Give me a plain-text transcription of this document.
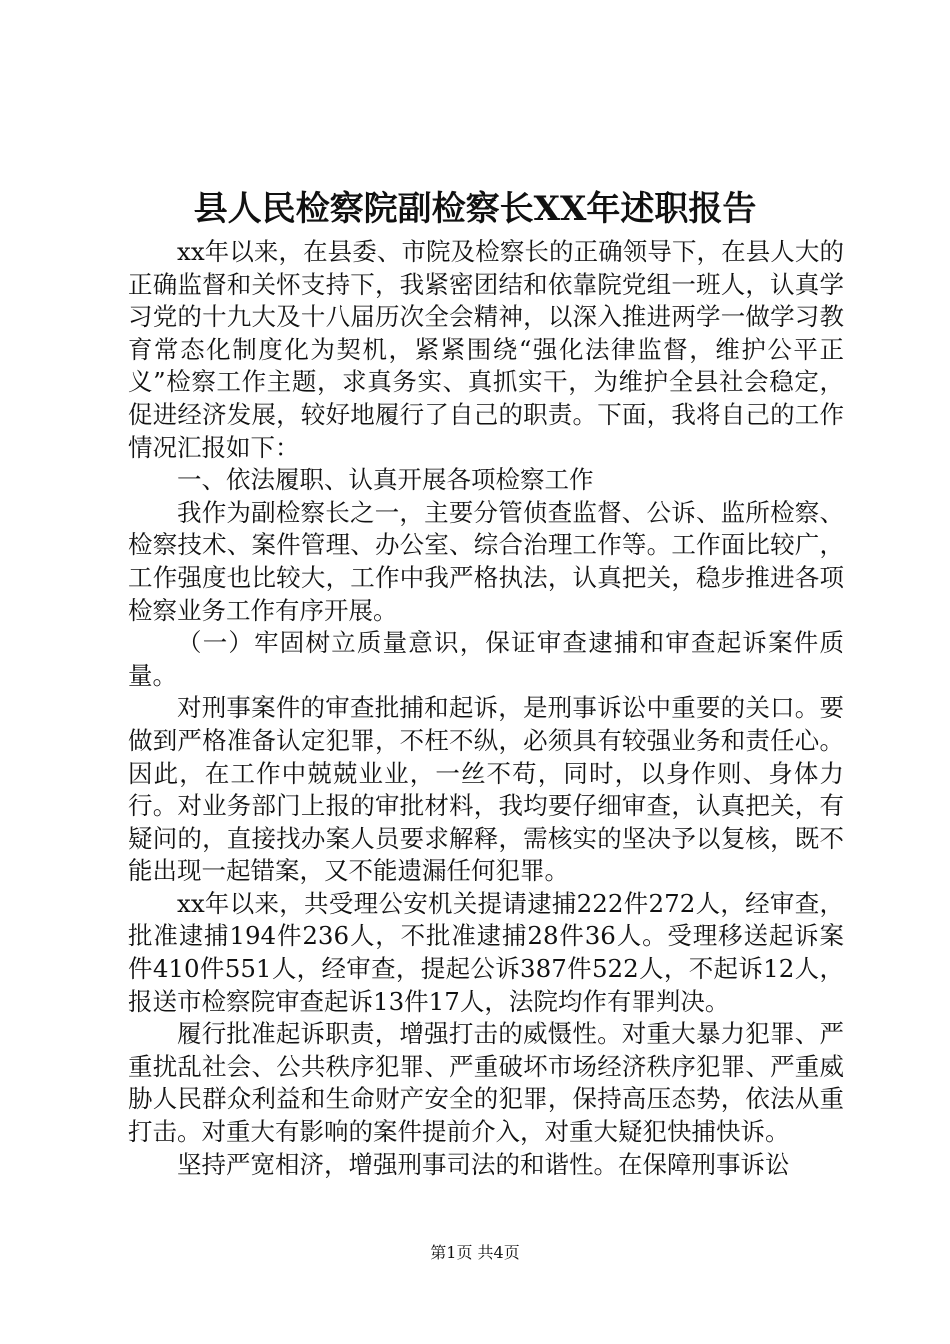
县人民检察院副检察长XX年述职报告

xx年以来，在县委、市院及检察长的正确领导下，在县人大的正确监督和关怀支持下，我紧密团结和依靠院党组一班人，认真学习党的十九大及十八届历次全会精神，以深入推进两学一做学习教育常态化制度化为契机，紧紧围绕“强化法律监督，维护公平正义”检察工作主题，求真务实、真抓实干，为维护全县社会稳定，促进经济发展，较好地履行了自己的职责。下面，我将自己的工作情况汇报如下：

一、依法履职、认真开展各项检察工作

我作为副检察长之一，主要分管侦查监督、公诉、监所检察、检察技术、案件管理、办公室、综合治理工作等。工作面比较广，工作强度也比较大，工作中我严格执法，认真把关，稳步推进各项检察业务工作有序开展。

（一）牢固树立质量意识，保证审查逮捕和审查起诉案件质量。

对刑事案件的审查批捕和起诉，是刑事诉讼中重要的关口。要做到严格准备认定犯罪，不枉不纵，必须具有较强业务和责任心。因此，在工作中兢兢业业，一丝不苟，同时，以身作则、身体力行。对业务部门上报的审批材料，我均要仔细审查，认真把关，有疑问的，直接找办案人员要求解释，需核实的坚决予以复核，既不能出现一起错案，又不能遗漏任何犯罪。

xx年以来，共受理公安机关提请逮捕222件272人，经审查，批准逮捕194件236人，不批准逮捕28件36人。受理移送起诉案件410件551人，经审查，提起公诉387件522人，不起诉12人，报送市检察院审查起诉13件17人，法院均作有罪判决。

履行批准起诉职责，增强打击的威慑性。对重大暴力犯罪、严重扰乱社会、公共秩序犯罪、严重破坏市场经济秩序犯罪、严重威胁人民群众利益和生命财产安全的犯罪，保持高压态势，依法从重打击。对重大有影响的案件提前介入，对重大疑犯快捕快诉。

坚持严宽相济，增强刑事司法的和谐性。在保障刑事诉讼

第1页 共4页
